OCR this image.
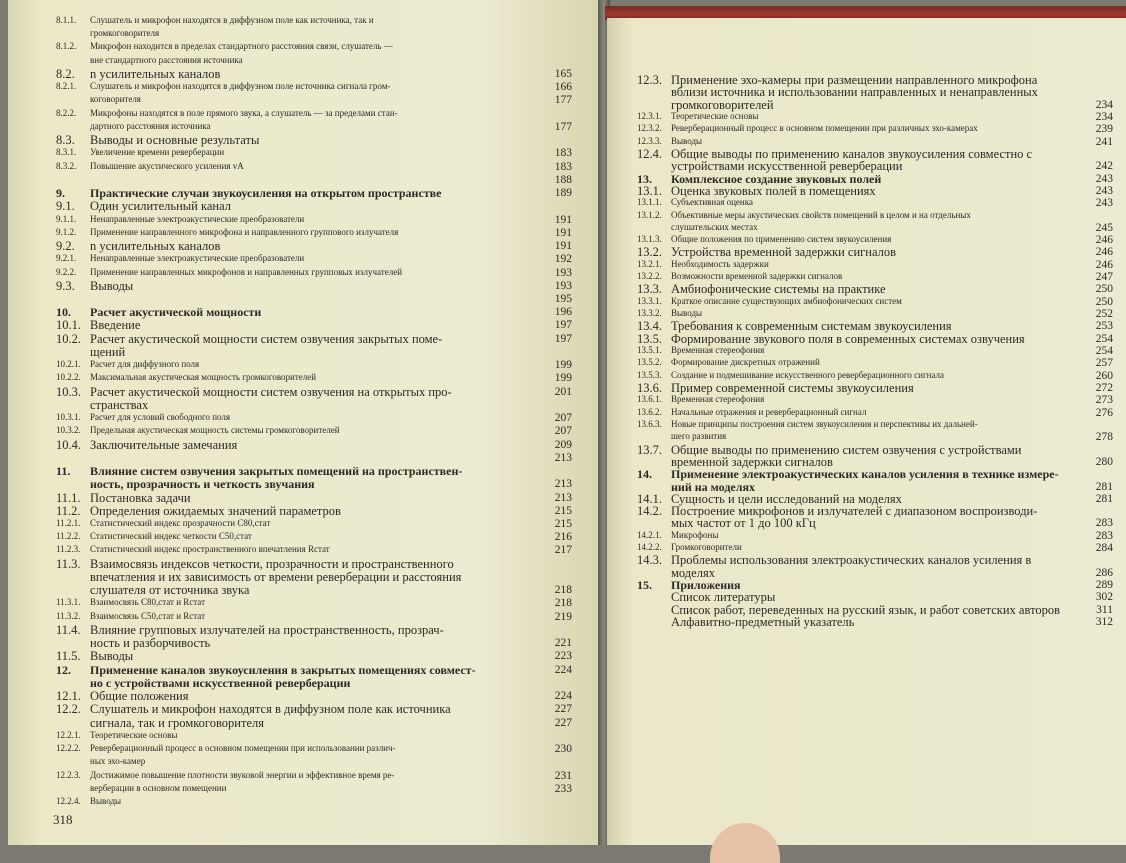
8.1.1. Слушатель и микрофон находятся в диффузном поле как источника, так и
громкоговорителя
8.1.2. Микрофон находится в пределах стандартного расстояния связи, слушатель —
вне стандартного расстояния источника
8.2. n усилительных каналов	165
8.2.1. Слушатель и микрофон находятся в диффузном поле источника сигнала гром-	166
коговорителя	177
8.2.2. Микрофоны находятся в поле прямого звука, а слушатель — за пределами стан-
дартного расстояния источника	177
8.3. Выводы и основные результаты
8.3.1. Увеличение времени реверберации	183
8.3.2. Повышение акустического усиления vA	183
188
9. Практические случаи звукоусиления на открытом пространстве	189
9.1. Один усилительный канал
9.1.1. Ненаправленные электроакустические преобразователи	191
9.1.2. Применение направленного микрофона и направленного группового излучателя	191
9.2. n усилительных каналов	191
9.2.1. Ненаправленные электроакустические преобразователи	192
9.2.2. Применение направленных микрофонов и направленных групповых излучателей	193
9.3. Выводы	193
195
10. Расчет акустической мощности	196
10.1. Введение	197
10.2. Расчет акустической мощности систем озвучения закрытых поме-	197
щений
10.2.1. Расчет для диффузного поля	199
10.2.2. Максимальная акустическая мощность громкоговорителей	199
10.3. Расчет акустической мощности систем озвучения на открытых про-	201
странствах
10.3.1. Расчет для условий свободного поля	207
10.3.2. Предельная акустическая мощность системы громкоговорителей	207
10.4. Заключительные замечания	209
213
11. Влияние систем озвучения закрытых помещений на пространствен-
ность, прозрачность и четкость звучания	213
11.1. Постановка задачи	213
11.2. Определения ожидаемых значений параметров	215
11.2.1. Статистический индекс прозрачности C80,стат	215
11.2.2. Статистический индекс четкости C50,стат	216
11.2.3. Статистический индекс пространственного впечатления Rстат	217
11.3. Взаимосвязь индексов четкости, прозрачности и пространственного
впечатления и их зависимость от времени реверберации и расстояния
слушателя от источника звука	218
11.3.1. Взаимосвязь C80,стат и Rстат	218
11.3.2. Взаимосвязь C50,стат и Rстат	219
11.4. Влияние групповых излучателей на пространственность, прозрач-
ность и разборчивость	221
11.5. Выводы	223
12. Применение каналов звукоусиления в закрытых помещениях совмест-	224
но с устройствами искусственной реверберации
12.1. Общие положения	224
12.2. Слушатель и микрофон находятся в диффузном поле как источника	227
сигнала, так и громкоговорителя	227
12.2.1. Теоретические основы
12.2.2. Реверберационный процесс в основном помещении при использовании различ-	230
ных эхо-камер
12.2.3. Достижимое повышение плотности звуковой энергии и эффективное время ре-	231
верберации в основном помещении	233
12.2.4. Выводы
318
12.3. Применение эхо-камеры при размещении направленного микрофона
вблизи источника и использовании направленных и ненаправленных
громкоговорителей	234
12.3.1. Теоретические основы	234
12.3.2. Реверберационный процесс в основном помещении при различных эхо-камерах	239
12.3.3. Выводы	241
12.4. Общие выводы по применению каналов звукоусиления совместно с
устройствами искусственной реверберации	242
13. Комплексное создание звуковых полей	243
13.1. Оценка звуковых полей в помещениях	243
13.1.1. Субъективная оценка	243
13.1.2. Объективные меры акустических свойств помещений в целом и на отдельных
слушательских местах	245
13.1.3. Общие положения по применению систем звукоусиления	246
13.2. Устройства временной задержки сигналов	246
13.2.1. Необходимость задержки	246
13.2.2. Возможности временной задержки сигналов	247
13.3. Амбиофонические системы на практике	250
13.3.1. Краткое описание существующих амбиофонических систем	250
13.3.2. Выводы	252
13.4. Требования к современным системам звукоусиления	253
13.5. Формирование звукового поля в современных системах озвучения	254
13.5.1. Временная стереофония	254
13.5.2. Формирование дискретных отражений	257
13.5.3. Создание и подмешивание искусственного реверберационного сигнала	260
13.6. Пример современной системы звукоусиления	272
13.6.1. Временная стереофония	273
13.6.2. Начальные отражения и реверберационный сигнал	276
13.6.3. Новые принципы построения систем звукоусиления и перспективы их дальней-
шего развития	278
13.7. Общие выводы по применению систем озвучения с устройствами
временной задержки сигналов	280
14. Применение электроакустических каналов усиления в технике измере-
ний на моделях	281
14.1. Сущность и цели исследований на моделях	281
14.2. Построение микрофонов и излучателей с диапазоном воспроизводи-
мых частот от 1 до 100 кГц	283
14.2.1. Микрофоны	283
14.2.2. Громкоговорители	284
14.3. Проблемы использования электроакустических каналов усиления в
моделях	286
15. Приложения	289
Список литературы	302
Список работ, переведенных на русский язык, и работ советских авторов	311
Алфавитно-предметный указатель	312
